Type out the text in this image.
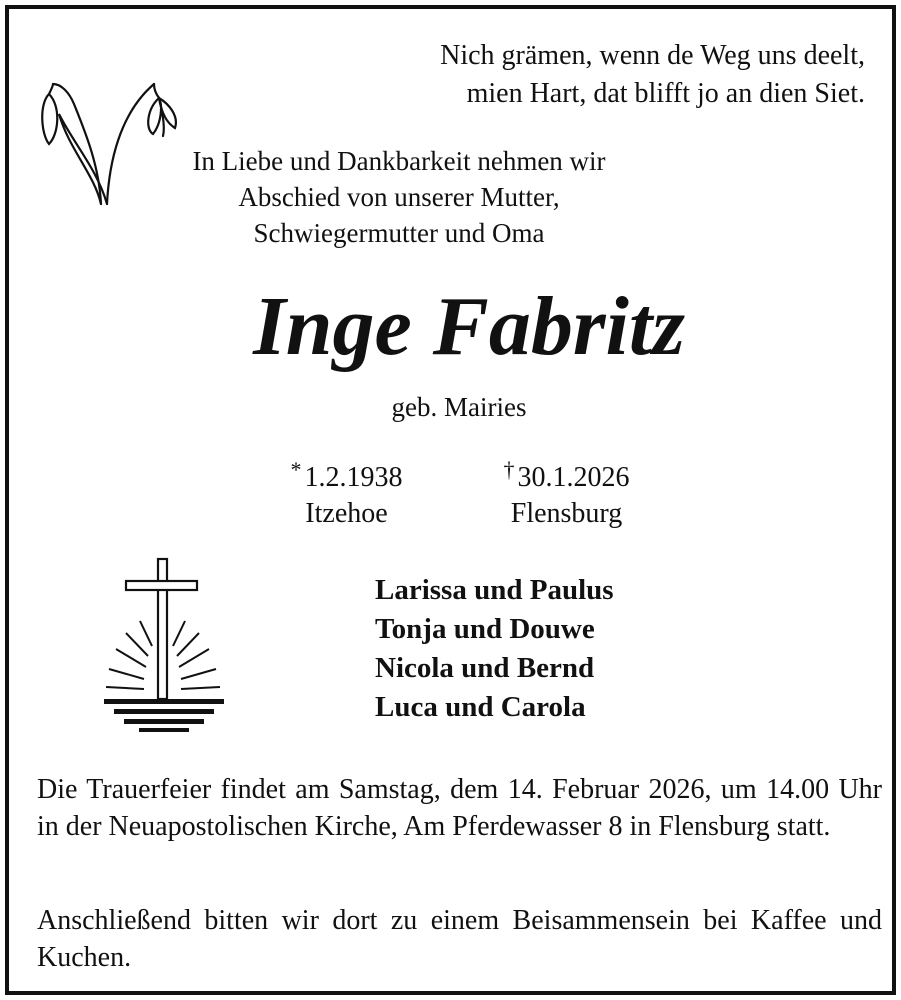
Nich grämen, wenn de Weg uns deelt,
mien Hart, dat blifft jo an dien Siet.
In Liebe und Dankbarkeit nehmen wir
Abschied von unserer Mutter,
Schwiegermutter und Oma
Inge Fabritz
geb. Mairies
* 1.2.1938
Itzehoe
† 30.1.2026
Flensburg
Larissa und Paulus
Tonja und Douwe
Nicola und Bernd
Luca und Carola
Die Trauerfeier findet am Samstag, dem 14. Februar 2026, um 14.00 Uhr in der Neuapostolischen Kirche, Am Pferdewasser 8 in Flensburg statt.
Anschließend bitten wir dort zu einem Beisammensein bei Kaffee und Kuchen.
